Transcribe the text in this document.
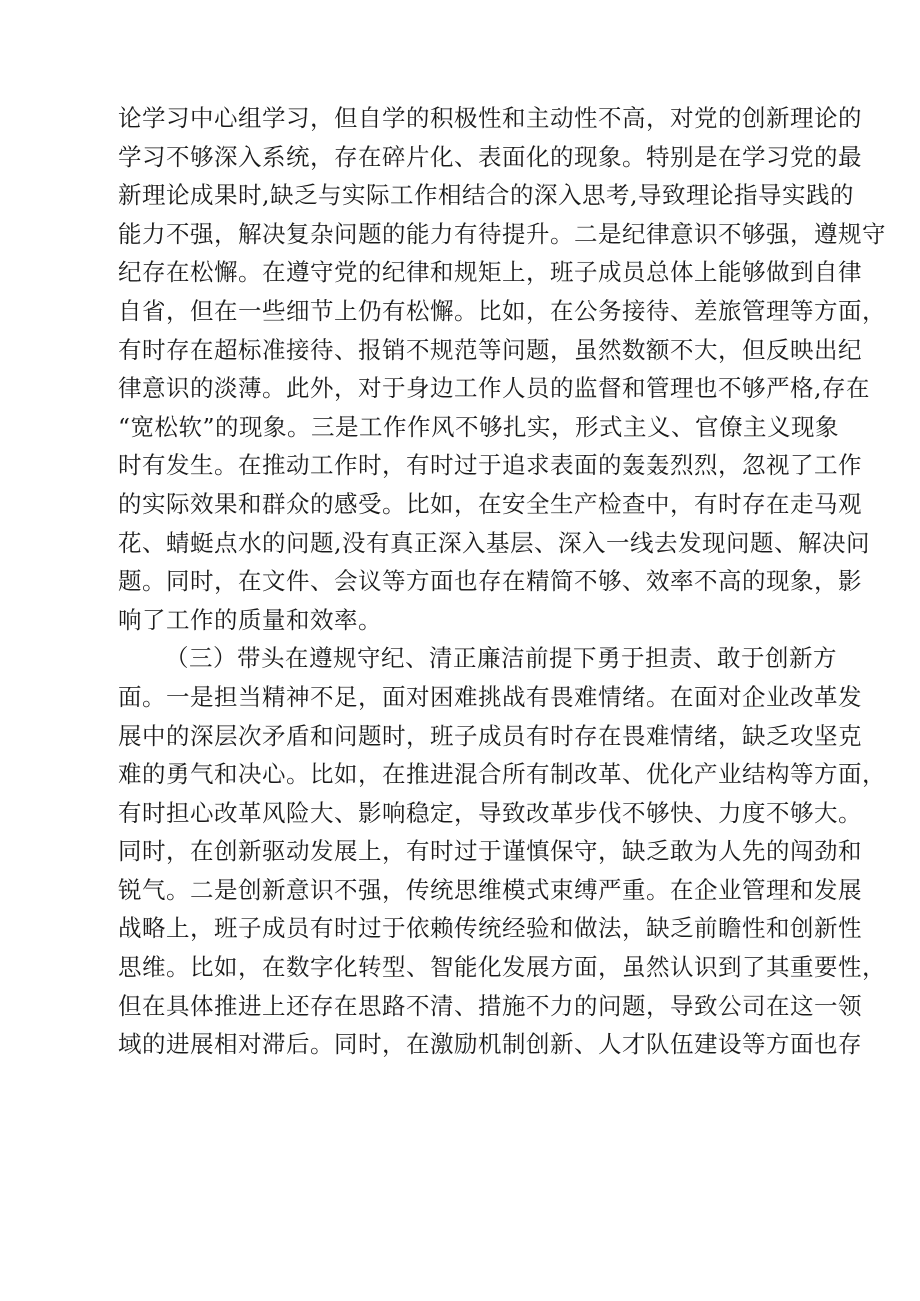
论学习中心组学习，但自学的积极性和主动性不高，对党的创新理论的
学习不够深入系统，存在碎片化、表面化的现象。特别是在学习党的最
新理论成果时,缺乏与实际工作相结合的深入思考,导致理论指导实践的
能力不强，解决复杂问题的能力有待提升。二是纪律意识不够强，遵规守
纪存在松懈。在遵守党的纪律和规矩上，班子成员总体上能够做到自律
自省，但在一些细节上仍有松懈。比如，在公务接待、差旅管理等方面，
有时存在超标准接待、报销不规范等问题，虽然数额不大，但反映出纪
律意识的淡薄。此外，对于身边工作人员的监督和管理也不够严格,存在
“宽松软”的现象。三是工作作风不够扎实，形式主义、官僚主义现象
时有发生。在推动工作时，有时过于追求表面的轰轰烈烈，忽视了工作
的实际效果和群众的感受。比如，在安全生产检查中，有时存在走马观
花、蜻蜓点水的问题,没有真正深入基层、深入一线去发现问题、解决问
题。同时，在文件、会议等方面也存在精简不够、效率不高的现象，影
响了工作的质量和效率。
（三）带头在遵规守纪、清正廉洁前提下勇于担责、敢于创新方
面。一是担当精神不足，面对困难挑战有畏难情绪。在面对企业改革发
展中的深层次矛盾和问题时，班子成员有时存在畏难情绪，缺乏攻坚克
难的勇气和决心。比如，在推进混合所有制改革、优化产业结构等方面，
有时担心改革风险大、影响稳定，导致改革步伐不够快、力度不够大。
同时，在创新驱动发展上，有时过于谨慎保守，缺乏敢为人先的闯劲和
锐气。二是创新意识不强，传统思维模式束缚严重。在企业管理和发展
战略上，班子成员有时过于依赖传统经验和做法，缺乏前瞻性和创新性
思维。比如，在数字化转型、智能化发展方面，虽然认识到了其重要性，
但在具体推进上还存在思路不清、措施不力的问题，导致公司在这一领
域的进展相对滞后。同时，在激励机制创新、人才队伍建设等方面也存
